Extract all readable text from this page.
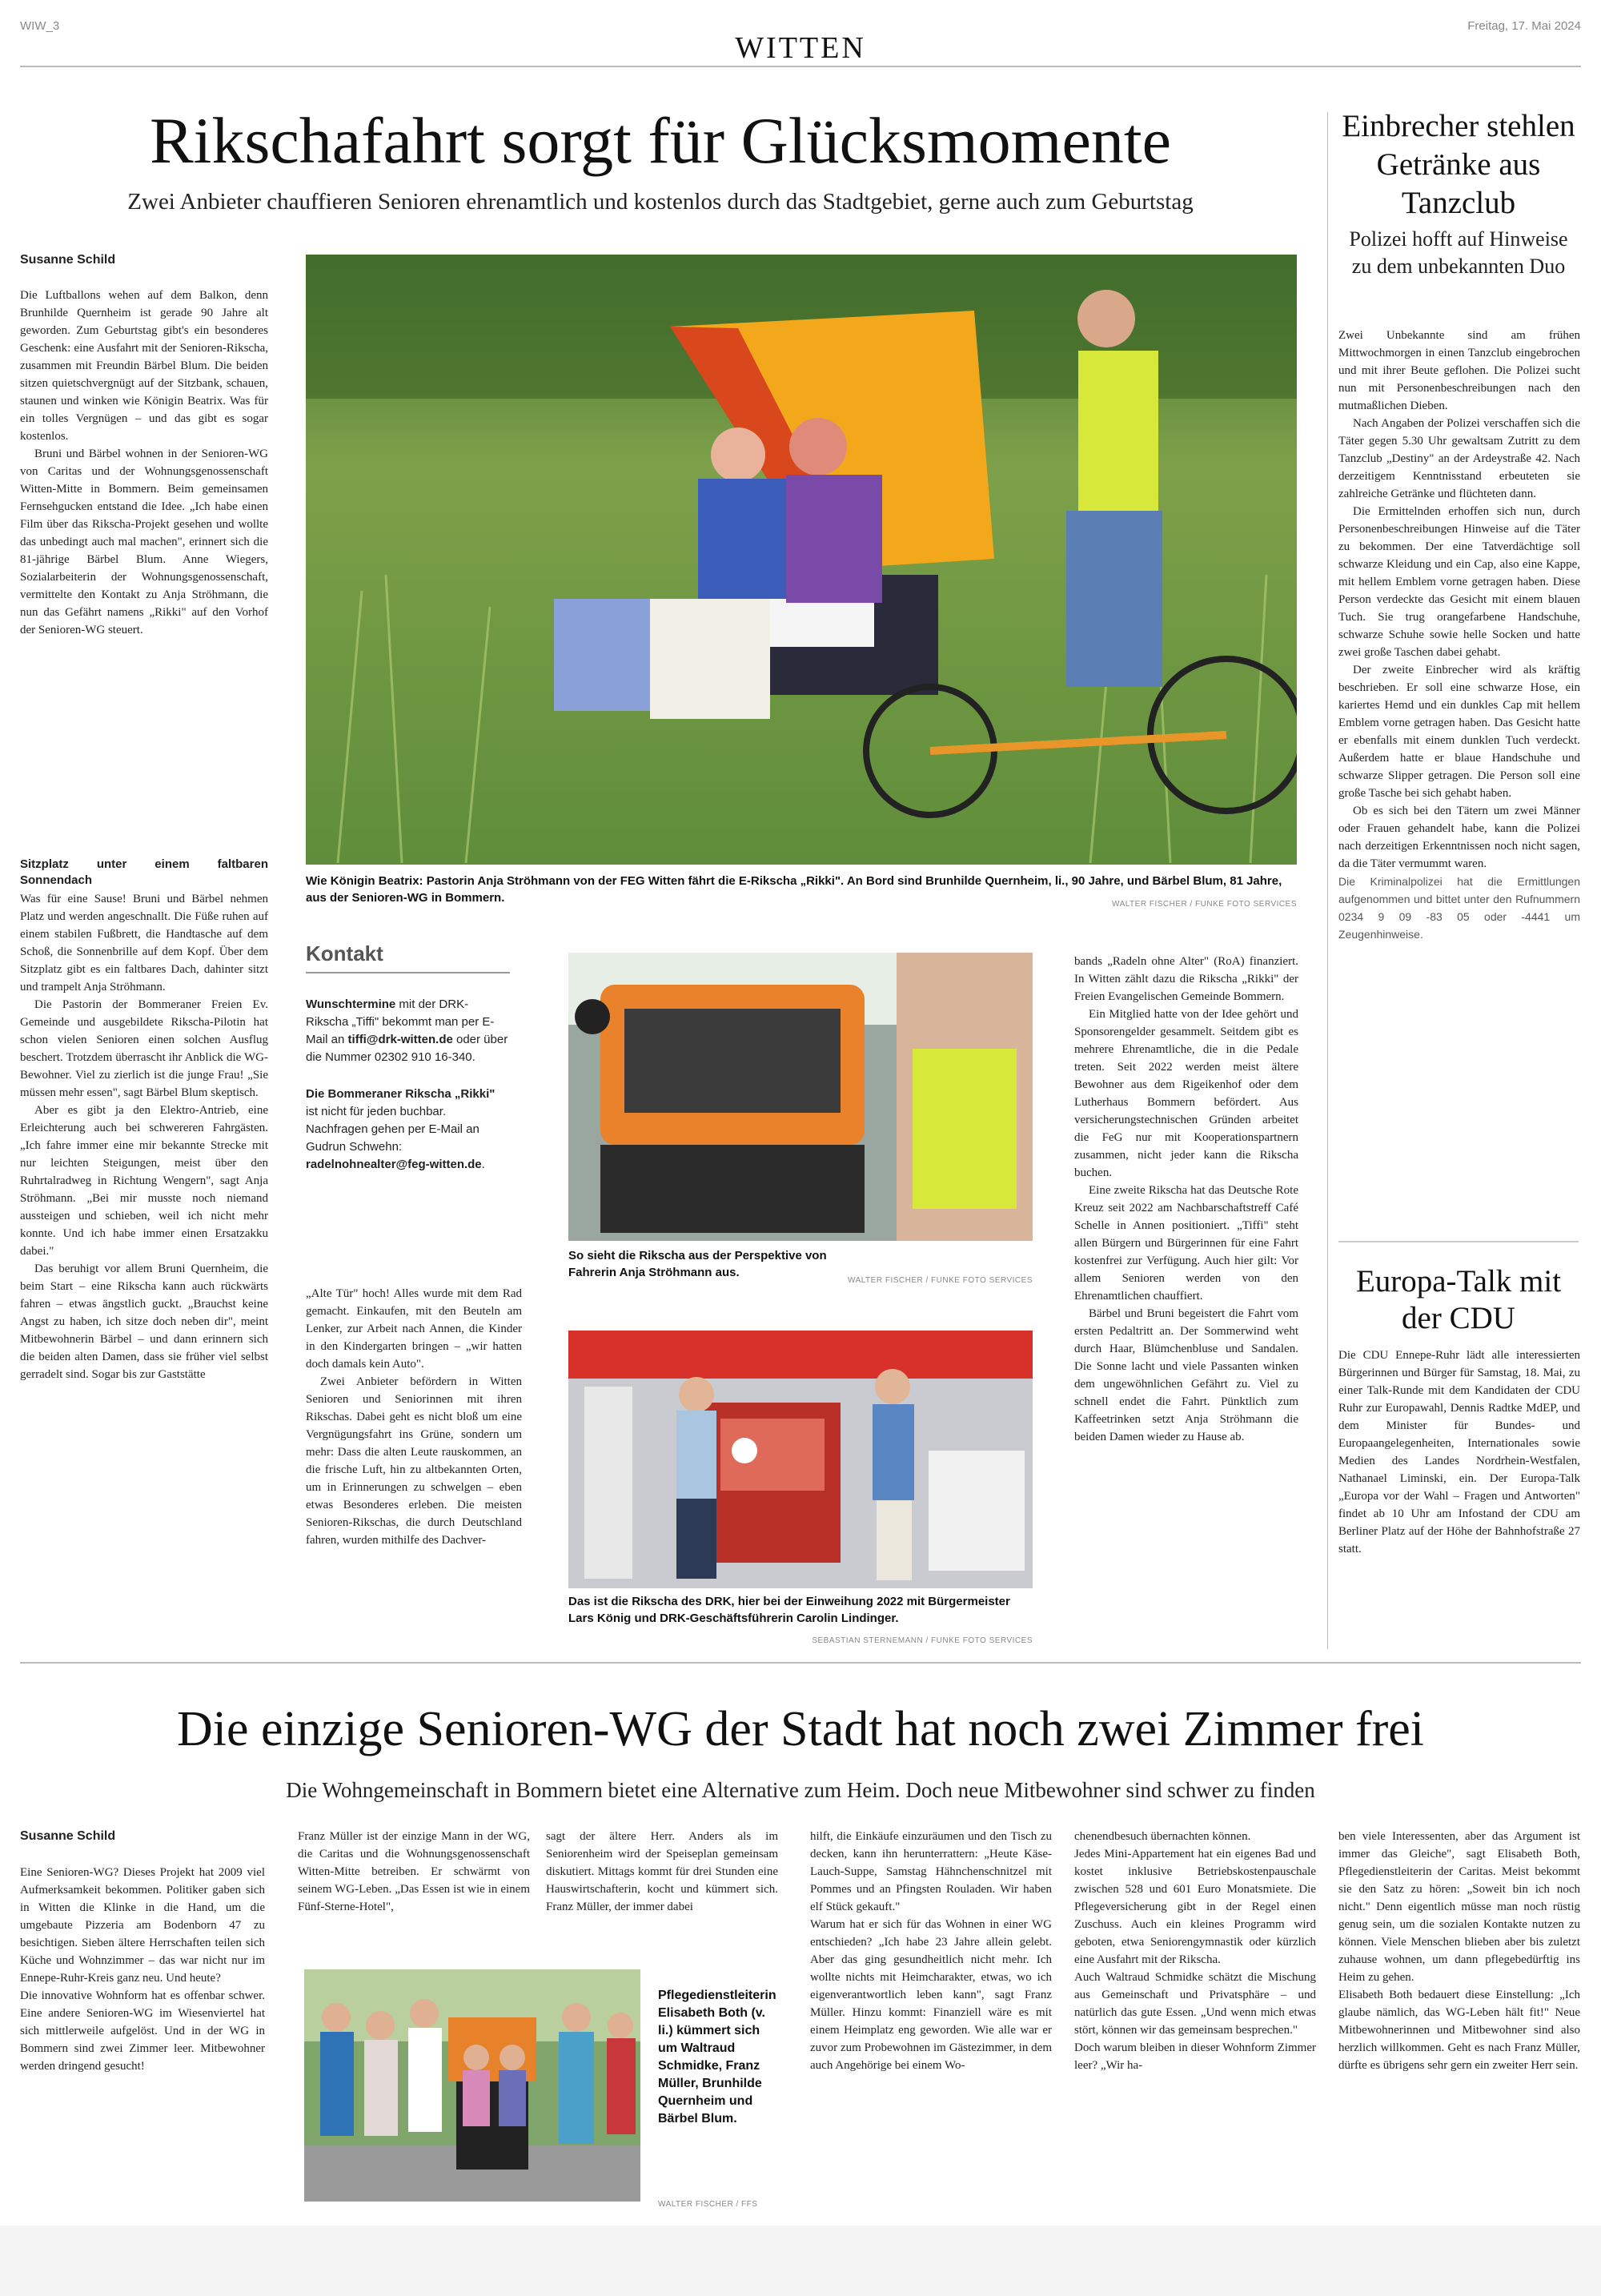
WIW_3
WITTEN
Freitag, 17. Mai 2024
Rikschafahrt sorgt für Glücksmomente
Zwei Anbieter chauffieren Senioren ehrenamtlich und kostenlos durch das Stadtgebiet, gerne auch zum Geburtstag
Susanne Schild

Die Luftballons wehen auf dem Balkon, denn Brunhilde Quernheim ist gerade 90 Jahre alt geworden. Zum Geburtstag gibt's ein besonderes Geschenk: eine Ausfahrt mit der Senioren-Rikscha, zusammen mit Freundin Bärbel Blum. Die beiden sitzen quietschvergnügt auf der Sitzbank, schauen, staunen und winken wie Königin Beatrix. Was für ein tolles Vergnügen – und das gibt es sogar kostenlos.

Bruni und Bärbel wohnen in der Senioren-WG von Caritas und der Wohnungsgenossenschaft Witten-Mitte in Bommern. Beim gemeinsamen Fernsehgucken entstand die Idee. „Ich habe einen Film über das Rikscha-Projekt gesehen und wollte das unbedingt auch mal machen", erinnert sich die 81-jährige Bärbel Blum. Anne Wiegers, Sozialarbeiterin der Wohnungsgenossenschaft, vermittelte den Kontakt zu Anja Ströhmann, die nun das Gefährt namens „Rikki" auf den Vorhof der Senioren-WG steuert.

Sitzplatz unter einem faltbaren Sonnendach

Was für eine Sause! Bruni und Bärbel nehmen Platz und werden angeschnallt. Die Füße ruhen auf einem stabilen Fußbrett, die Handtasche auf dem Schoß, die Sonnenbrille auf dem Kopf. Über dem Sitzplatz gibt es ein faltbares Dach, dahinter sitzt und trampelt Anja Ströhmann.

Die Pastorin der Bommeraner Freien Ev. Gemeinde und ausgebildete Rikscha-Pilotin hat schon vielen Senioren einen solchen Ausflug beschert. Trotzdem überrascht ihr Anblick die WG-Bewohner. Viel zu zierlich ist die junge Frau! „Sie müssen mehr essen", sagt Bärbel Blum skeptisch.

Aber es gibt ja den Elektro-Antrieb, eine Erleichterung auch bei schwereren Fahrgästen. „Ich fahre immer eine mir bekannte Strecke mit nur leichten Steigungen, meist über den Ruhrtalradweg in Richtung Wengern", sagt Anja Ströhmann. „Bei mir musste noch niemand aussteigen und schieben, weil ich nicht mehr konnte. Und ich habe immer einen Ersatzakku dabei."

Das beruhigt vor allem Bruni Quernheim, die beim Start – eine Rikscha kann auch rückwärts fahren – etwas ängstlich guckt. „Brauchst keine Angst zu haben, ich sitze doch neben dir", meint Mitbewohnerin Bärbel – und dann erinnern sich die beiden alten Damen, dass sie früher viel selbst gerradelt sind. Sogar bis zur Gaststätte

Wie Königin Beatrix: Pastorin Anja Ströhmann von der FEG Witten fährt die E-Rikscha „Rikki". An Bord sind Brunhilde Quernheim, li., 90 Jahre, und Bärbel Blum, 81 Jahre, aus der Senioren-WG in Bommern.	WALTER FISCHER / FUNKE FOTO SERVICES
Kontakt

Wunschtermine mit der DRK-Rikscha „Tiffi" bekommt man per E-Mail an tiffi@drk-witten.de oder über die Nummer 02302 910 16-340.

Die Bommeraner Rikscha „Rikki" ist nicht für jeden buchbar. Nachfragen gehen per E-Mail an Gudrun Schwehn: radelnohnealter@feg-witten.de.

„Alte Tür" hoch! Alles wurde mit dem Rad gemacht. Einkaufen, mit den Beuteln am Lenker, zur Arbeit nach Annen, die Kinder in den Kindergarten bringen – „wir hatten doch damals kein Auto".

Zwei Anbieter befördern in Witten Senioren und Seniorinnen mit ihren Rikschas. Dabei geht es nicht bloß um eine Vergnügungsfahrt ins Grüne, sondern um mehr: Dass die alten Leute rauskommen, an die frische Luft, hin zu altbekannten Orten, um in Erinnerungen zu schwelgen – eben etwas Besonderes erleben. Die meisten Senioren-Rikschas, die durch Deutschland fahren, wurden mithilfe des Dachver-

So sieht die Rikscha aus der Perspektive von Fahrerin Anja Ströhmann aus.
WALTER FISCHER / FUNKE FOTO SERVICES
Das ist die Rikscha des DRK, hier bei der Einweihung 2022 mit Bürgermeister Lars König und DRK-Geschäftsführerin Carolin Lindinger.
SEBASTIAN STERNEMANN / FUNKE FOTO SERVICES

bands „Radeln ohne Alter" (RoA) finanziert. In Witten zählt dazu die Rikscha „Rikki" der Freien Evangelischen Gemeinde Bommern.

Ein Mitglied hatte von der Idee gehört und Sponsorengelder gesammelt. Seitdem gibt es mehrere Ehrenamtliche, die in die Pedale treten. Seit 2022 werden meist ältere Bewohner aus dem Rigeikenhof oder dem Lutherhaus Bommern befördert. Aus versicherungstechnischen Gründen arbeitet die FeG nur mit Kooperationspartnern zusammen, nicht jeder kann die Rikscha buchen.

Eine zweite Rikscha hat das Deutsche Rote Kreuz seit 2022 am Nachbarschaftstreff Café Schelle in Annen positioniert. „Tiffi" steht allen Bürgern und Bürgerinnen für eine Fahrt kostenfrei zur Verfügung. Auch hier gilt: Vor allem Senioren werden von den Ehrenamtlichen chauffiert.

Bärbel und Bruni begeistert die Fahrt vom ersten Pedaltritt an. Der Sommerwind weht durch Haar, Blümchenbluse und Sandalen. Die Sonne lacht und viele Passanten winken dem ungewöhnlichen Gefährt zu. Viel zu schnell endet die Fahrt. Pünktlich zum Kaffeetrinken setzt Anja Ströhmann die beiden Damen wieder zu Hause ab.

Einbrecher stehlen Getränke aus Tanzclub
Polizei hofft auf Hinweise zu dem unbekannten Duo

Zwei Unbekannte sind am frühen Mittwochmorgen in einen Tanzclub eingebrochen und mit ihrer Beute geflohen. Die Polizei sucht nun mit Personenbeschreibungen nach den mutmaßlichen Dieben.

Nach Angaben der Polizei verschaffen sich die Täter gegen 5.30 Uhr gewaltsam Zutritt zu dem Tanzclub „Destiny" an der Ardeystraße 42. Nach derzeitigem Kenntnisstand erbeuteten sie zahlreiche Getränke und flüchteten dann.

Die Ermittelnden erhoffen sich nun, durch Personenbeschreibungen Hinweise auf die Täter zu bekommen. Der eine Tatverdächtige soll schwarze Kleidung und ein Cap, also eine Kappe, mit hellem Emblem vorne getragen haben. Diese Person verdeckte das Gesicht mit einem blauen Tuch. Sie trug orangefarbene Handschuhe, schwarze Schuhe sowie helle Socken und hatte zwei große Taschen dabei gehabt.

Der zweite Einbrecher wird als kräftig beschrieben. Er soll eine schwarze Hose, ein kariertes Hemd und ein dunkles Cap mit hellem Emblem vorne getragen haben. Das Gesicht hatte er ebenfalls mit einem dunklen Tuch verdeckt. Außerdem hatte er blaue Handschuhe und schwarze Slipper getragen. Die Person soll eine große Tasche bei sich gehabt haben.

Ob es sich bei den Tätern um zwei Männer oder Frauen gehandelt habe, kann die Polizei nach derzeitigen Erkenntnissen noch nicht sagen, da die Täter vermummt waren.

Die Kriminalpolizei hat die Ermittlungen aufgenommen und bittet unter den Rufnummern 0234 9 09 -83 05 oder -4441 um Zeugenhinweise.
Europa-Talk mit der CDU

Die CDU Ennepe-Ruhr lädt alle interessierten Bürgerinnen und Bürger für Samstag, 18. Mai, zu einer Talk-Runde mit dem Kandidaten der CDU Ruhr zur Europawahl, Dennis Radtke MdEP, und dem Minister für Bundes- und Europaangelegenheiten, Internationales sowie Medien des Landes Nordrhein-Westfalen, Nathanael Liminski, ein. Der Europa-Talk „Europa vor der Wahl – Fragen und Antworten" findet ab 10 Uhr am Infostand der CDU am Berliner Platz auf der Höhe der Bahnhofstraße 27 statt.

Die einzige Senioren-WG der Stadt hat noch zwei Zimmer frei
Die Wohngemeinschaft in Bommern bietet eine Alternative zum Heim. Doch neue Mitbewohner sind schwer zu finden
Susanne Schild
Eine Senioren-WG? Dieses Projekt hat 2009 viel Aufmerksamkeit bekommen. Politiker gaben sich in Witten die Klinke in die Hand, um die umgebaute Pizzeria am Bodenborn 47 zu besichtigen. Sieben ältere Herrschaften teilen sich Küche und Wohnzimmer – das war nicht nur im Ennepe-Ruhr-Kreis ganz neu. Und heute?
Die innovative Wohnform hat es offenbar schwer. Eine andere Senioren-WG im Wiesenviertel hat sich mittlerweile aufgelöst. Und in der WG in Bommern sind zwei Zimmer leer. Mitbewohner werden dringend gesucht!
Franz Müller ist der einzige Mann in der WG, die Caritas und die Wohnungsgenossenschaft Witten-Mitte betreiben. Er schwärmt von seinem WG-Leben. „Das Essen ist wie in einem Fünf-Sterne-Hotel",
sagt der ältere Herr. Anders als im Seniorenheim wird der Speiseplan gemeinsam diskutiert. Mittags kommt für drei Stunden eine Hauswirtschafterin, kocht und kümmert sich. Franz Müller, der immer dabei
Pflegedienstleiterin Elisabeth Both (v. li.) kümmert sich um Waltraud Schmidke, Franz Müller, Brunhilde Quernheim und Bärbel Blum.
WALTER FISCHER / FFS
hilft, die Einkäufe einzuräumen und den Tisch zu decken, kann ihn herunterrattern: „Heute Käse-Lauch-Suppe, Samstag Hähnchenschnitzel mit Pommes und an Pfingsten Rouladen. Wir haben elf Stück gekauft."
Warum hat er sich für das Wohnen in einer WG entschieden? „Ich habe 23 Jahre allein gelebt. Aber das ging gesundheitlich nicht mehr. Ich wollte nichts mit Heimcharakter, etwas, wo ich eigenverantwortlich leben kann", sagt Franz Müller. Hinzu kommt: Finanziell wäre es mit einem Heimplatz eng geworden. Wie alle war er zuvor zum Probewohnen im Gästezimmer, in dem auch Angehörige bei einem Wo-
chenendbesuch übernachten können.
Jedes Mini-Appartement hat ein eigenes Bad und kostet inklusive Betriebskostenpauschale zwischen 528 und 601 Euro Monatsmiete. Die Pflegeversicherung gibt in der Regel einen Zuschuss. Auch ein kleines Programm wird geboten, etwa Seniorengymnastik oder kürzlich eine Ausfahrt mit der Rikscha.
Auch Waltraud Schmidke schätzt die Mischung aus Gemeinschaft und Privatsphäre – und natürlich das gute Essen. „Und wenn mich etwas stört, können wir das gemeinsam besprechen."
Doch warum bleiben in dieser Wohnform Zimmer leer? „Wir ha-
ben viele Interessenten, aber das Argument ist immer das Gleiche", sagt Elisabeth Both, Pflegedienstleiterin der Caritas. Meist bekommt sie den Satz zu hören: „Soweit bin ich noch nicht." Denn eigentlich müsse man noch rüstig genug sein, um die sozialen Kontakte nutzen zu können. Viele Menschen blieben aber bis zuletzt zuhause wohnen, um dann pflegebedürftig ins Heim zu gehen.
Elisabeth Both bedauert diese Einstellung: „Ich glaube nämlich, das WG-Leben hält fit!" Neue Mitbewohnerinnen und Mitbewohner sind also herzlich willkommen. Geht es nach Franz Müller, dürfte es übrigens sehr gern ein zweiter Herr sein.
